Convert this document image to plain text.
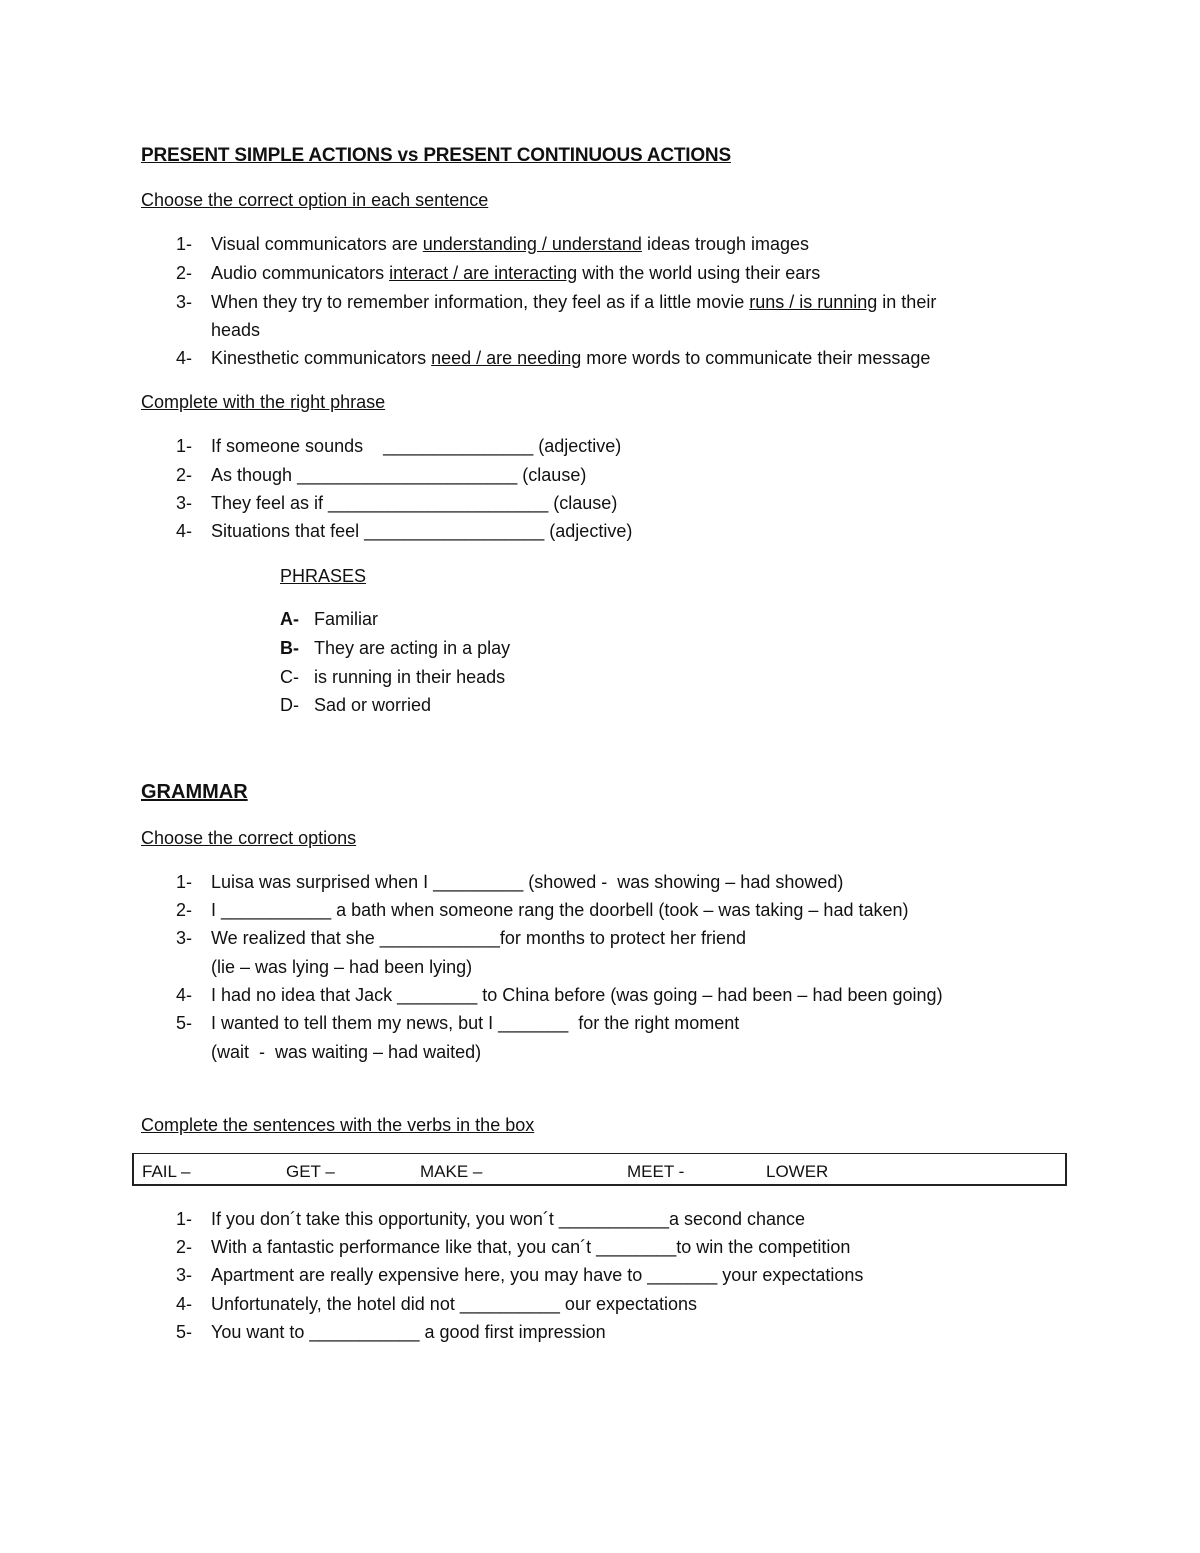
PRESENT SIMPLE ACTIONS vs PRESENT CONTINUOUS ACTIONS
Choose the correct option in each sentence
1- Visual communicators are understanding / understand ideas trough images
2- Audio communicators interact / are interacting with the world using their ears
3- When they try to remember information, they feel as if a little movie runs / is running in their
heads
4- Kinesthetic communicators need / are needing more words to communicate their message
Complete with the right phrase
1- If someone sounds    _______________ (adjective)
2- As though ______________________ (clause)
3- They feel as if ______________________ (clause)
4- Situations that feel __________________ (adjective)
PHRASES
A- Familiar
B- They are acting in a play
C- is running in their heads
D- Sad or worried
GRAMMAR
Choose the correct options
1- Luisa was surprised when I _________ (showed -  was showing – had showed)
2- I ___________ a bath when someone rang the doorbell (took – was taking – had taken)
3- We realized that she ____________for months to protect her friend
(lie – was lying – had been lying)
4- I had no idea that Jack ________ to China before (was going – had been – had been going)
5- I wanted to tell them my news, but I _______  for the right moment
(wait  -  was waiting – had waited)
Complete the sentences with the verbs in the box
FAIL –	GET –	MAKE –	MEET -	LOWER
1- If you don´t take this opportunity, you won´t ___________a second chance
2- With a fantastic performance like that, you can´t ________to win the competition
3- Apartment are really expensive here, you may have to _______ your expectations
4- Unfortunately, the hotel did not __________ our expectations
5- You want to ___________ a good first impression
